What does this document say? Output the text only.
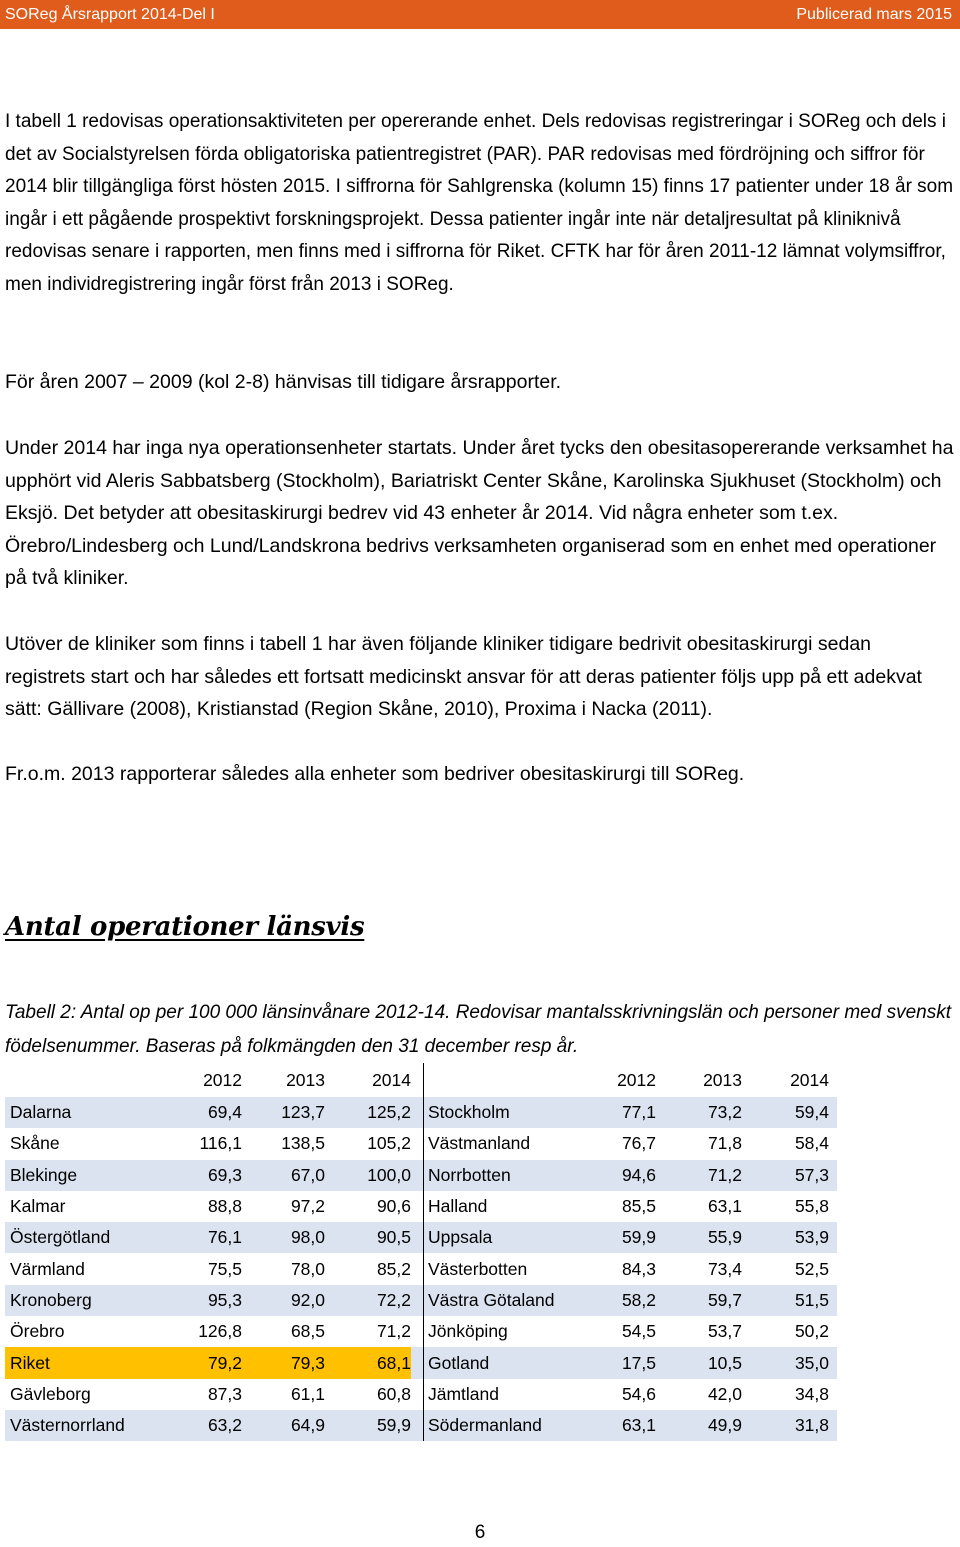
SOReg Årsrapport 2014-Del I	Publicerad mars 2015

I tabell 1 redovisas operationsaktiviteten per opererande enhet. Dels redovisas registreringar i SOReg och dels i det av Socialstyrelsen förda obligatoriska patientregistret (PAR). PAR redovisas med fördröjning och siffror för 2014 blir tillgängliga först hösten 2015. I siffrorna för Sahlgrenska (kolumn 15) finns 17 patienter under 18 år som ingår i ett pågående prospektivt forskningsprojekt. Dessa patienter ingår inte när detaljresultat på kliniknivå redovisas senare i rapporten, men finns med i siffrorna för Riket. CFTK har för åren 2011-12 lämnat volymsiffror, men individregistrering ingår först från 2013 i SOReg.

För åren 2007 – 2009 (kol 2-8) hänvisas till tidigare årsrapporter.

Under 2014 har inga nya operationsenheter startats. Under året tycks den obesitasopererande verksamhet ha upphört vid Aleris Sabbatsberg (Stockholm), Bariatriskt Center Skåne, Karolinska Sjukhuset (Stockholm) och Eksjö. Det betyder att obesitaskirurgi bedrev vid 43 enheter år 2014. Vid några enheter som t.ex. Örebro/Lindesberg och Lund/Landskrona bedrivs verksamheten organiserad som en enhet med operationer på två kliniker.

Utöver de kliniker som finns i tabell 1 har även följande kliniker tidigare bedrivit obesitaskirurgi sedan registrets start och har således ett fortsatt medicinskt ansvar för att deras patienter följs upp på ett adekvat sätt: Gällivare (2008), Kristianstad (Region Skåne, 2010), Proxima i Nacka (2011).

Fr.o.m. 2013 rapporterar således alla enheter som bedriver obesitaskirurgi till SOReg.

Antal operationer länsvis

Tabell 2: Antal op per 100 000 länsinvånare 2012-14. Redovisar mantalsskrivningslän och personer med svenskt födelsenummer. Baseras på folkmängden den 31 december resp år.

	2012	2013	2014				2012	2013	2014	
Dalarna	69,4	123,7	125,2			Stockholm	77,1	73,2	59,4	
Skåne	116,1	138,5	105,2			Västmanland	76,7	71,8	58,4	
Blekinge	69,3	67,0	100,0			Norrbotten	94,6	71,2	57,3	
Kalmar	88,8	97,2	90,6			Halland	85,5	63,1	55,8	
Östergötland	76,1	98,0	90,5			Uppsala	59,9	55,9	53,9	
Värmland	75,5	78,0	85,2			Västerbotten	84,3	73,4	52,5	
Kronoberg	95,3	92,0	72,2			Västra Götaland	58,2	59,7	51,5	
Örebro	126,8	68,5	71,2			Jönköping	54,5	53,7	50,2	
Riket	79,2	79,3	68,1			Gotland	17,5	10,5	35,0	
Gävleborg	87,3	61,1	60,8			Jämtland	54,6	42,0	34,8	
Västernorrland	63,2	64,9	59,9			Södermanland	63,1	49,9	31,8	
6
